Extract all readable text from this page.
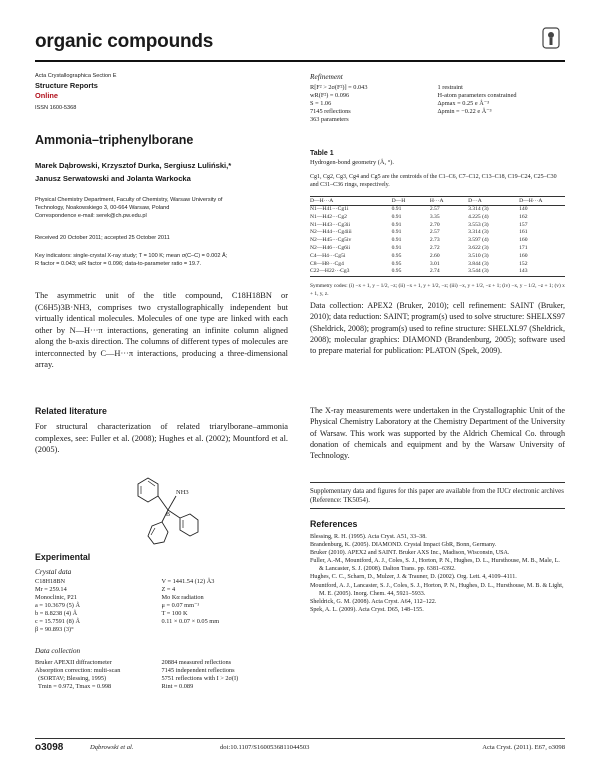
organic compounds
Acta Crystallographica Section E
Structure Reports
Online
ISSN 1600-5368
Ammonia–triphenylborane
Marek Dąbrowski, Krzysztof Durka, Sergiusz Luliński,*
Janusz Serwatowski and Jolanta Warkocka
Physical Chemistry Department, Faculty of Chemistry, Warsaw University of
Technology, Noakowskiego 3, 00-664 Warsaw, Poland
Correspondence e-mail: serek@ch.pw.edu.pl
Received 20 October 2011; accepted 25 October 2011
Key indicators: single-crystal X-ray study; T = 100 K; mean σ(C–C) = 0.002 Å;
R factor = 0.043; wR factor = 0.096; data-to-parameter ratio = 19.7.
The asymmetric unit of the title compound, C18H18BN or (C6H5)3B·NH3, comprises two crystallographically independent but virtually identical molecules. Molecules of one type are linked with each other by N—H···π interactions, generating an infinite column aligned along the b-axis direction. The columns of different types of molecules are interconnected by C—H···π interactions, producing a three-dimensional array.
Related literature
For structural characterization of related triarylborane–ammonia complexes, see: Fuller et al. (2008); Hughes et al. (2002); Mountford et al. (2005).
NH3
B
Experimental
Crystal data
C18H18BN
Mr = 259.14
Monoclinic, P21
a = 10.3679 (5) Å
b = 8.8238 (4) Å
c = 15.7591 (8) Å
β = 90.893 (3)°
V = 1441.54 (12) Å3
Z = 4
Mo Kα radiation
μ = 0.07 mm⁻¹
T = 100 K
0.11 × 0.07 × 0.05 mm
Data collection
Bruker APEXII diffractometer
Absorption correction: multi-scan
(SORTAV; Blessing, 1995)
Tmin = 0.972, Tmax = 0.998
20884 measured reflections
7145 independent reflections
5751 reflections with I > 2σ(I)
Rint = 0.089
Refinement
R[F² > 2σ(F²)] = 0.043
wR(F²) = 0.096
S = 1.06
7145 reflections
363 parameters
1 restraint
H-atom parameters constrained
Δρmax = 0.25 e Å⁻³
Δρmin = −0.22 e Å⁻³
Table 1
Hydrogen-bond geometry (Å, °).
Cg1, Cg2, Cg3, Cg4 and Cg5 are the centroids of the C1–C6, C7–C12, C13–C18, C19–C24, C25–C30 and C31–C36 rings, respectively.
D—H···A	D—H	H···A	D···A	D—H···A
N1—H41···Cg1i	0.91	2.57	3.314 (3)	140
N1—H42···Cg2	0.91	3.35	4.225 (4)	162
N1—H43···Cg3ii	0.91	2.70	3.553 (3)	157
N2—H44···Cg4iii	0.91	2.57	3.314 (3)	161
N2—H45···Cg5iv	0.91	2.73	3.597 (4)	160
N2—H46···Cg6ii	0.91	2.72	3.622 (3)	171
C4—H4···Cg5i	0.95	2.60	3.510 (3)	160
C8—H8···Cg4	0.95	3.01	3.844 (3)	152
C22—H22···Cg3	0.95	2.74	3.544 (3)	143
Symmetry codes: (i) −x + 1, y − 1/2, −z; (ii) −x + 1, y + 1/2, −z; (iii) −x, y + 1/2, −z + 1; (iv) −x, y − 1/2, −z + 1; (v) x + 1, y, z.
Data collection: APEX2 (Bruker, 2010); cell refinement: SAINT (Bruker, 2010); data reduction: SAINT; program(s) used to solve structure: SHELXS97 (Sheldrick, 2008); program(s) used to refine structure: SHELXL97 (Sheldrick, 2008); molecular graphics: DIAMOND (Brandenburg, 2005); software used to prepare material for publication: PLATON (Spek, 2009).
The X-ray measurements were undertaken in the Crystallographic Unit of the Physical Chemistry Laboratory at the Chemistry Department of the University of Warsaw. This work was supported by the Aldrich Chemical Co. through donation of chemicals and equipment and by the Warsaw University of Technology.
Supplementary data and figures for this paper are available from the IUCr electronic archives (Reference: TK5054).
References
Blessing, R. H. (1995). Acta Cryst. A51, 33–38.
Brandenburg, K. (2005). DIAMOND. Crystal Impact GbR, Bonn, Germany.
Bruker (2010). APEX2 and SAINT. Bruker AXS Inc., Madison, Wisconsin, USA.
Fuller, A.-M., Mountford, A. J., Coles, S. J., Horton, P. N., Hughes, D. L., Hursthouse, M. B., Male, L. & Lancaster, S. J. (2008). Dalton Trans. pp. 6381–6392.
Hughes, C. C., Scharn, D., Mulzer, J. & Trauner, D. (2002). Org. Lett. 4, 4109–4111.
Mountford, A. J., Lancaster, S. J., Coles, S. J., Horton, P. N., Hughes, D. L., Hursthouse, M. B. & Light, M. E. (2005). Inorg. Chem. 44, 5921–5933.
Sheldrick, G. M. (2008). Acta Cryst. A64, 112–122.
Spek, A. L. (2009). Acta Cryst. D65, 148–155.
o3098	Dąbrowski et al.	doi:10.1107/S1600536811044503	Acta Cryst. (2011). E67, o3098
